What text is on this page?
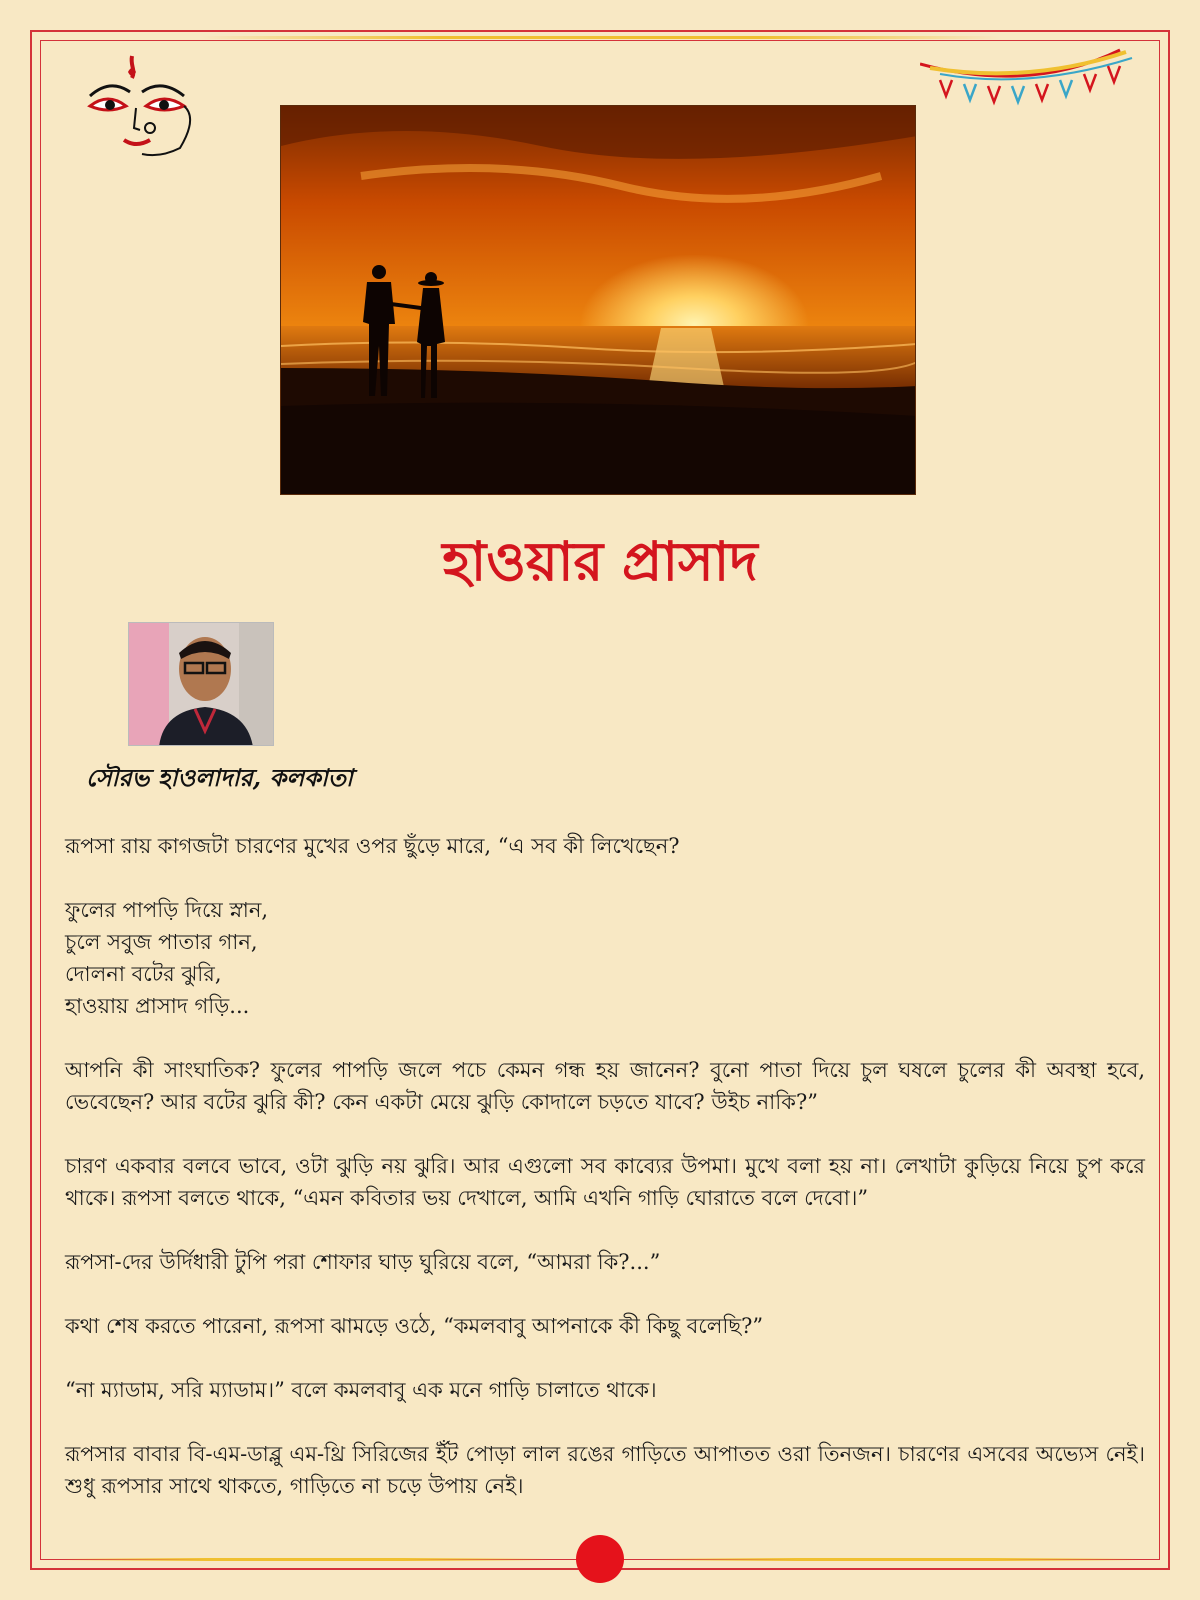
হাওয়ার প্রাসাদ
সৌরভ হাওলাদার, কলকাতা

রূপসা রায় কাগজটা চারণের মুখের ওপর ছুঁড়ে মারে, “এ সব কী লিখেছেন?

ফুলের পাপড়ি দিয়ে স্নান,
চুলে সবুজ পাতার গান,
দোলনা বটের ঝুরি,
হাওয়ায় প্রাসাদ গড়ি...

আপনি কী সাংঘাতিক? ফুলের পাপড়ি জলে পচে কেমন গন্ধ হয় জানেন? বুনো পাতা দিয়ে চুল ঘষলে চুলের কী অবস্থা হবে, ভেবেছেন? আর বটের ঝুরি কী? কেন একটা মেয়ে ঝুড়ি কোদালে চড়তে যাবে? উইচ নাকি?”

চারণ একবার বলবে ভাবে, ওটা ঝুড়ি নয় ঝুরি। আর এগুলো সব কাব্যের উপমা। মুখে বলা হয় না। লেখাটা কুড়িয়ে নিয়ে চুপ করে থাকে। রূপসা বলতে থাকে, “এমন কবিতার ভয় দেখালে, আমি এখনি গাড়ি ঘোরাতে বলে দেবো।”

রূপসা-দের উর্দিধারী টুপি পরা শোফার ঘাড় ঘুরিয়ে বলে, “আমরা কি?...”

কথা শেষ করতে পারেনা, রূপসা ঝামড়ে ওঠে, “কমলবাবু আপনাকে কী কিছু বলেছি?”

“না ম্যাডাম, সরি ম্যাডাম।” বলে কমলবাবু এক মনে গাড়ি চালাতে থাকে।

রূপসার বাবার বি-এম-ডাব্লু এম-থ্রি সিরিজের ইঁট পোড়া লাল রঙের গাড়িতে আপাতত ওরা তিনজন। চারণের এসবের অভ্যেস নেই। শুধু রূপসার সাথে থাকতে, গাড়িতে না চড়ে উপায় নেই।
